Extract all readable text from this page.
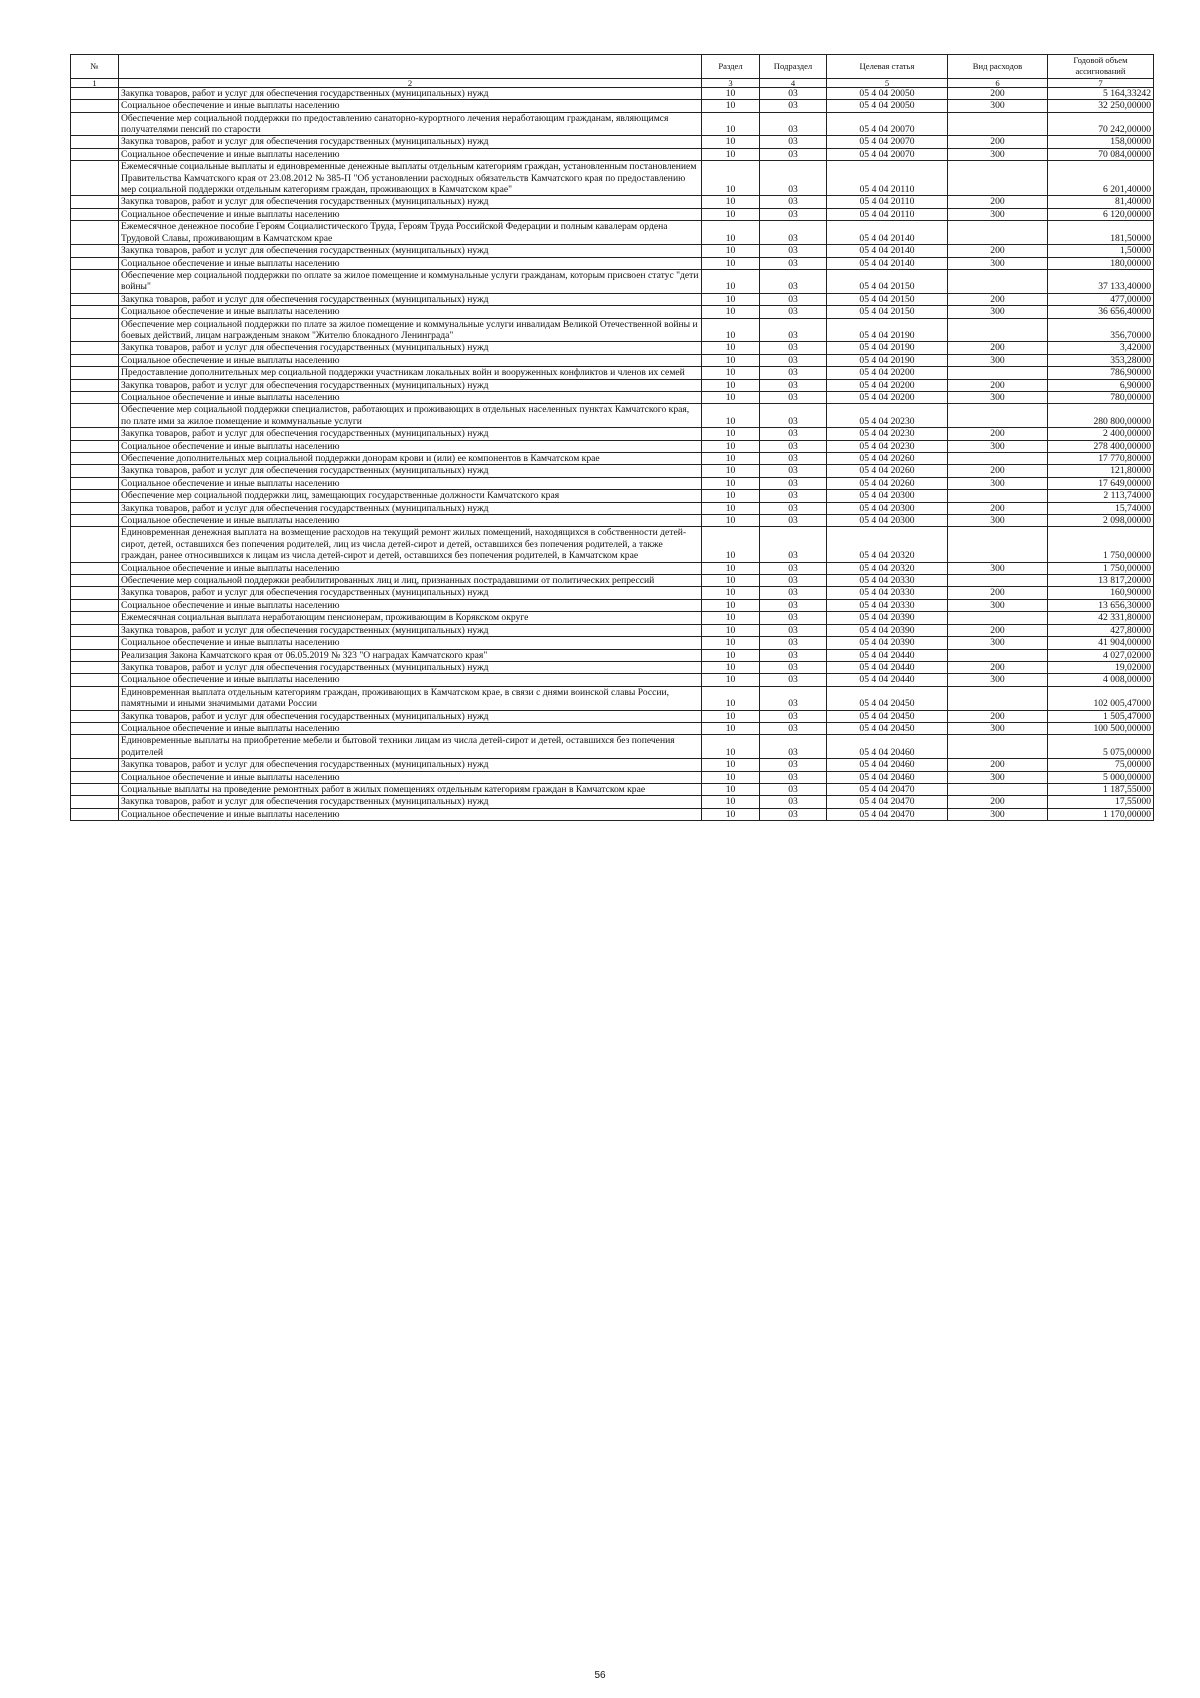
№		Раздел	Подраздел	Целевая статья	Вид расходов	Годовой объем ассигнований
1	2	3	4	5	6	7
	Закупка товаров, работ и услуг для обеспечения государственных (муниципальных) нужд	10	03	05 4 04 20050	200	5 164,33242
	Социальное обеспечение и иные выплаты населению	10	03	05 4 04 20050	300	32 250,00000
	Обеспечение мер социальной поддержки по предоставлению санаторно-курортного лечения неработающим гражданам, являющимся получателями пенсий по старости	10	03	05 4 04 20070		70 242,00000
	Закупка товаров, работ и услуг для обеспечения государственных (муниципальных) нужд	10	03	05 4 04 20070	200	158,00000
	Социальное обеспечение и иные выплаты населению	10	03	05 4 04 20070	300	70 084,00000
	Ежемесячные социальные выплаты и единовременные денежные выплаты отдельным категориям граждан, установленным постановлением Правительства Камчатского края от 23.08.2012 № 385-П "Об установлении расходных обязательств Камчатского края по предоставлению мер социальной поддержки отдельным категориям граждан, проживающих в Камчатском крае"	10	03	05 4 04 20110		6 201,40000
	Закупка товаров, работ и услуг для обеспечения государственных (муниципальных) нужд	10	03	05 4 04 20110	200	81,40000
	Социальное обеспечение и иные выплаты населению	10	03	05 4 04 20110	300	6 120,00000
	Ежемесячное денежное пособие Героям Социалистического Труда, Героям Труда Российской Федерации и полным кавалерам ордена Трудовой Славы, проживающим в Камчатском крае	10	03	05 4 04 20140		181,50000
	Закупка товаров, работ и услуг для обеспечения государственных (муниципальных) нужд	10	03	05 4 04 20140	200	1,50000
	Социальное обеспечение и иные выплаты населению	10	03	05 4 04 20140	300	180,00000
	Обеспечение мер социальной поддержки по оплате за жилое помещение и коммунальные услуги гражданам, которым присвоен статус "дети войны"	10	03	05 4 04 20150		37 133,40000
	Закупка товаров, работ и услуг для обеспечения государственных (муниципальных) нужд	10	03	05 4 04 20150	200	477,00000
	Социальное обеспечение и иные выплаты населению	10	03	05 4 04 20150	300	36 656,40000
	Обеспечение мер социальной поддержки по плате за жилое помещение и коммунальные услуги инвалидам Великой Отечественной войны и боевых действий, лицам награжденым знаком "Жителю блокадного Ленинграда"	10	03	05 4 04 20190		356,70000
	Закупка товаров, работ и услуг для обеспечения государственных (муниципальных) нужд	10	03	05 4 04 20190	200	3,42000
	Социальное обеспечение и иные выплаты населению	10	03	05 4 04 20190	300	353,28000
	Предоставление дополнительных мер социальной поддержки участникам локальных войн и вооруженных конфликтов и членов их семей	10	03	05 4 04 20200		786,90000
	Закупка товаров, работ и услуг для обеспечения государственных (муниципальных) нужд	10	03	05 4 04 20200	200	6,90000
	Социальное обеспечение и иные выплаты населению	10	03	05 4 04 20200	300	780,00000
	Обеспечение мер социальной поддержки специалистов, работающих и проживающих в отдельных населенных пунктах Камчатского края, по плате ими за жилое помещение и коммунальные услуги	10	03	05 4 04 20230		280 800,00000
	Закупка товаров, работ и услуг для обеспечения государственных (муниципальных) нужд	10	03	05 4 04 20230	200	2 400,00000
	Социальное обеспечение и иные выплаты населению	10	03	05 4 04 20230	300	278 400,00000
	Обеспечение дополнительных мер социальной поддержки донорам крови и (или) ее компонентов в Камчатском крае	10	03	05 4 04 20260		17 770,80000
	Закупка товаров, работ и услуг для обеспечения государственных (муниципальных) нужд	10	03	05 4 04 20260	200	121,80000
	Социальное обеспечение и иные выплаты населению	10	03	05 4 04 20260	300	17 649,00000
	Обеспечение мер социальной поддержки лиц, замещающих государственные должности Камчатского края	10	03	05 4 04 20300		2 113,74000
	Закупка товаров, работ и услуг для обеспечения государственных (муниципальных) нужд	10	03	05 4 04 20300	200	15,74000
	Социальное обеспечение и иные выплаты населению	10	03	05 4 04 20300	300	2 098,00000
	Единовременная денежная выплата на возмещение расходов на текущий ремонт жилых помещений, находящихся в собственности детей-сирот, детей, оставшихся без попечения родителей, лиц из числа детей-сирот и детей, оставшихся без попечения родителей, а также граждан, ранее относившихся к лицам из числа детей-сирот и детей, оставшихся без попечения родителей, в Камчатском крае	10	03	05 4 04 20320		1 750,00000
	Социальное обеспечение и иные выплаты населению	10	03	05 4 04 20320	300	1 750,00000
	Обеспечение мер социальной поддержки реабилитированных лиц и лиц, признанных пострадавшими от политических репрессий	10	03	05 4 04 20330		13 817,20000
	Закупка товаров, работ и услуг для обеспечения государственных (муниципальных) нужд	10	03	05 4 04 20330	200	160,90000
	Социальное обеспечение и иные выплаты населению	10	03	05 4 04 20330	300	13 656,30000
	Ежемесячная социальная выплата неработающим пенсионерам, проживающим в Корякском округе	10	03	05 4 04 20390		42 331,80000
	Закупка товаров, работ и услуг для обеспечения государственных (муниципальных) нужд	10	03	05 4 04 20390	200	427,80000
	Социальное обеспечение и иные выплаты населению	10	03	05 4 04 20390	300	41 904,00000
	Реализация Закона Камчатского края от 06.05.2019 № 323 "О наградах Камчатского края"	10	03	05 4 04 20440		4 027,02000
	Закупка товаров, работ и услуг для обеспечения государственных (муниципальных) нужд	10	03	05 4 04 20440	200	19,02000
	Социальное обеспечение и иные выплаты населению	10	03	05 4 04 20440	300	4 008,00000
	Единовременная выплата отдельным категориям граждан, проживающих в Камчатском крае, в связи с днями воинской славы России, памятными и иными значимыми датами России	10	03	05 4 04 20450		102 005,47000
	Закупка товаров, работ и услуг для обеспечения государственных (муниципальных) нужд	10	03	05 4 04 20450	200	1 505,47000
	Социальное обеспечение и иные выплаты населению	10	03	05 4 04 20450	300	100 500,00000
	Единовременные выплаты на приобретение мебели и бытовой техники лицам из числа детей-сирот и детей, оставшихся без попечения родителей	10	03	05 4 04 20460		5 075,00000
	Закупка товаров, работ и услуг для обеспечения государственных (муниципальных) нужд	10	03	05 4 04 20460	200	75,00000
	Социальное обеспечение и иные выплаты населению	10	03	05 4 04 20460	300	5 000,00000
	Социальные выплаты на проведение ремонтных работ в жилых помещениях отдельным категориям граждан в Камчатском крае	10	03	05 4 04 20470		1 187,55000
	Закупка товаров, работ и услуг для обеспечения государственных (муниципальных) нужд	10	03	05 4 04 20470	200	17,55000
	Социальное обеспечение и иные выплаты населению	10	03	05 4 04 20470	300	1 170,00000
56
